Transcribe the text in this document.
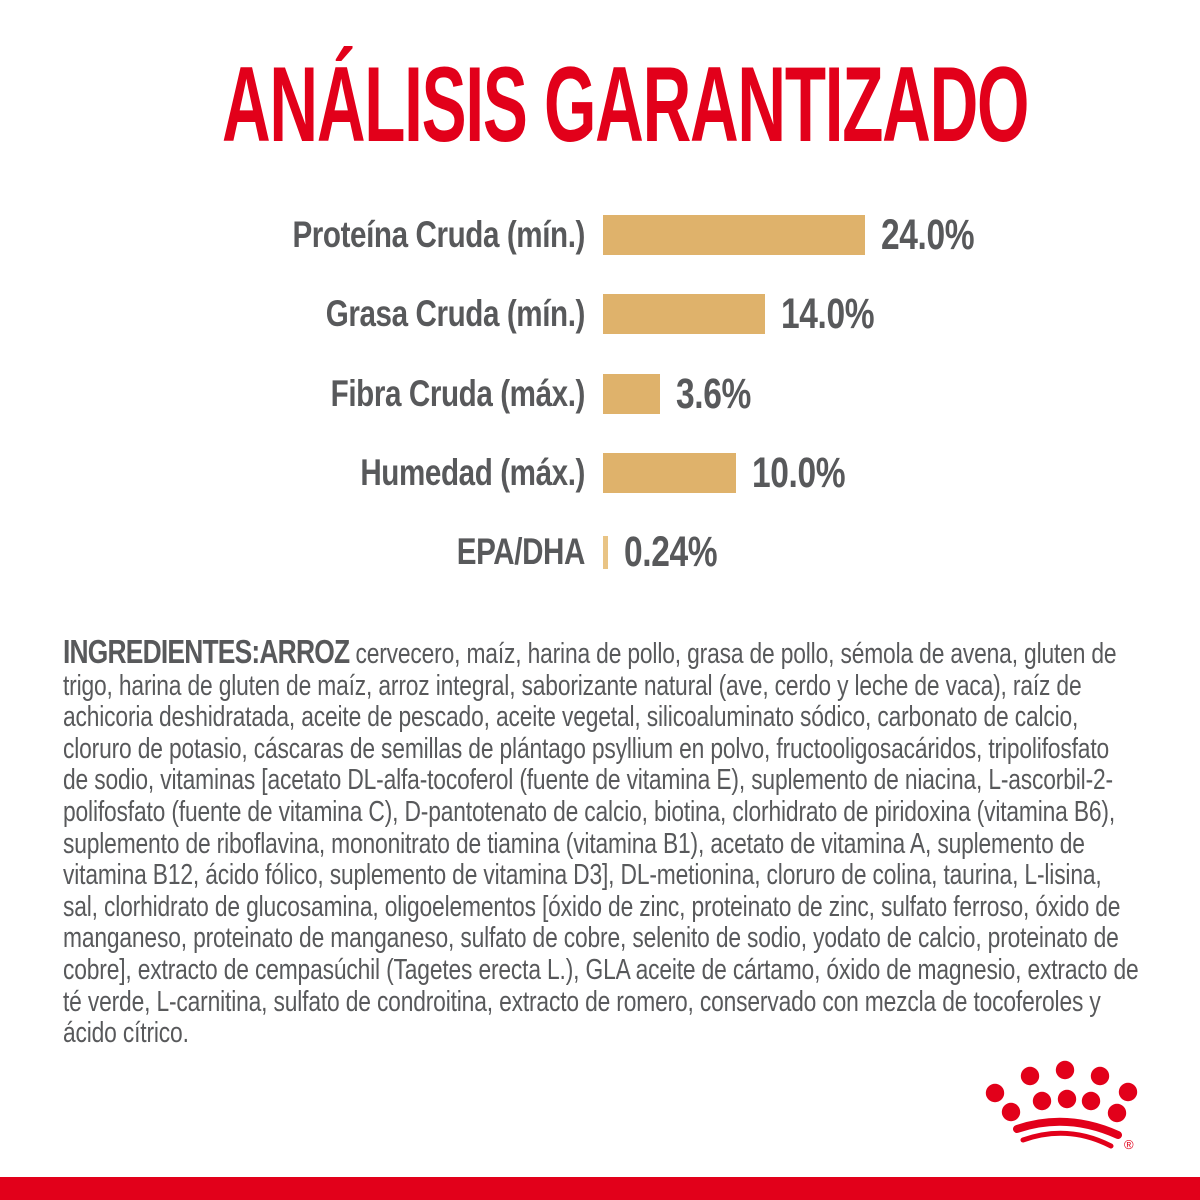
ANÁLISIS GARANTIZADO
Proteína Cruda (mín.)	24.0%
Grasa Cruda (mín.)	14.0%
Fibra Cruda (máx.) 3.6%
Humedad (máx.)	10.0%
EPA/DHA 0.24%

INGREDIENTES:ARROZ cervecero, maíz, harina de pollo, grasa de pollo, sémola de avena, gluten de trigo, harina de gluten de maíz, arroz integral, saborizante natural (ave, cerdo y leche de vaca), raíz de achicoria deshidratada, aceite de pescado, aceite vegetal, silicoaluminato sódico, carbonato de calcio, cloruro de potasio, cáscaras de semillas de plántago psyllium en polvo, fructooligosacáridos, tripolifosfato de sodio, vitaminas [acetato DL-alfa-tocoferol (fuente de vitamina E), suplemento de niacina, L-ascorbil-2-polifosfato (fuente de vitamina C), D-pantotenato de calcio, biotina, clorhidrato de piridoxina (vitamina B6), suplemento de riboflavina, mononitrato de tiamina (vitamina B1), acetato de vitamina A, suplemento de vitamina B12, ácido fólico, suplemento de vitamina D3], DL-metionina, cloruro de colina, taurina, L-lisina, sal, clorhidrato de glucosamina, oligoelementos [óxido de zinc, proteinato de zinc, sulfato ferroso, óxido de manganeso, proteinato de manganeso, sulfato de cobre, selenito de sodio, yodato de calcio, proteinato de cobre], extracto de cempasúchil (Tagetes erecta L.), GLA aceite de cártamo, óxido de magnesio, extracto de té verde, L-carnitina, sulfato de condroitina, extracto de romero, conservado con mezcla de tocoferoles y ácido cítrico.

®
